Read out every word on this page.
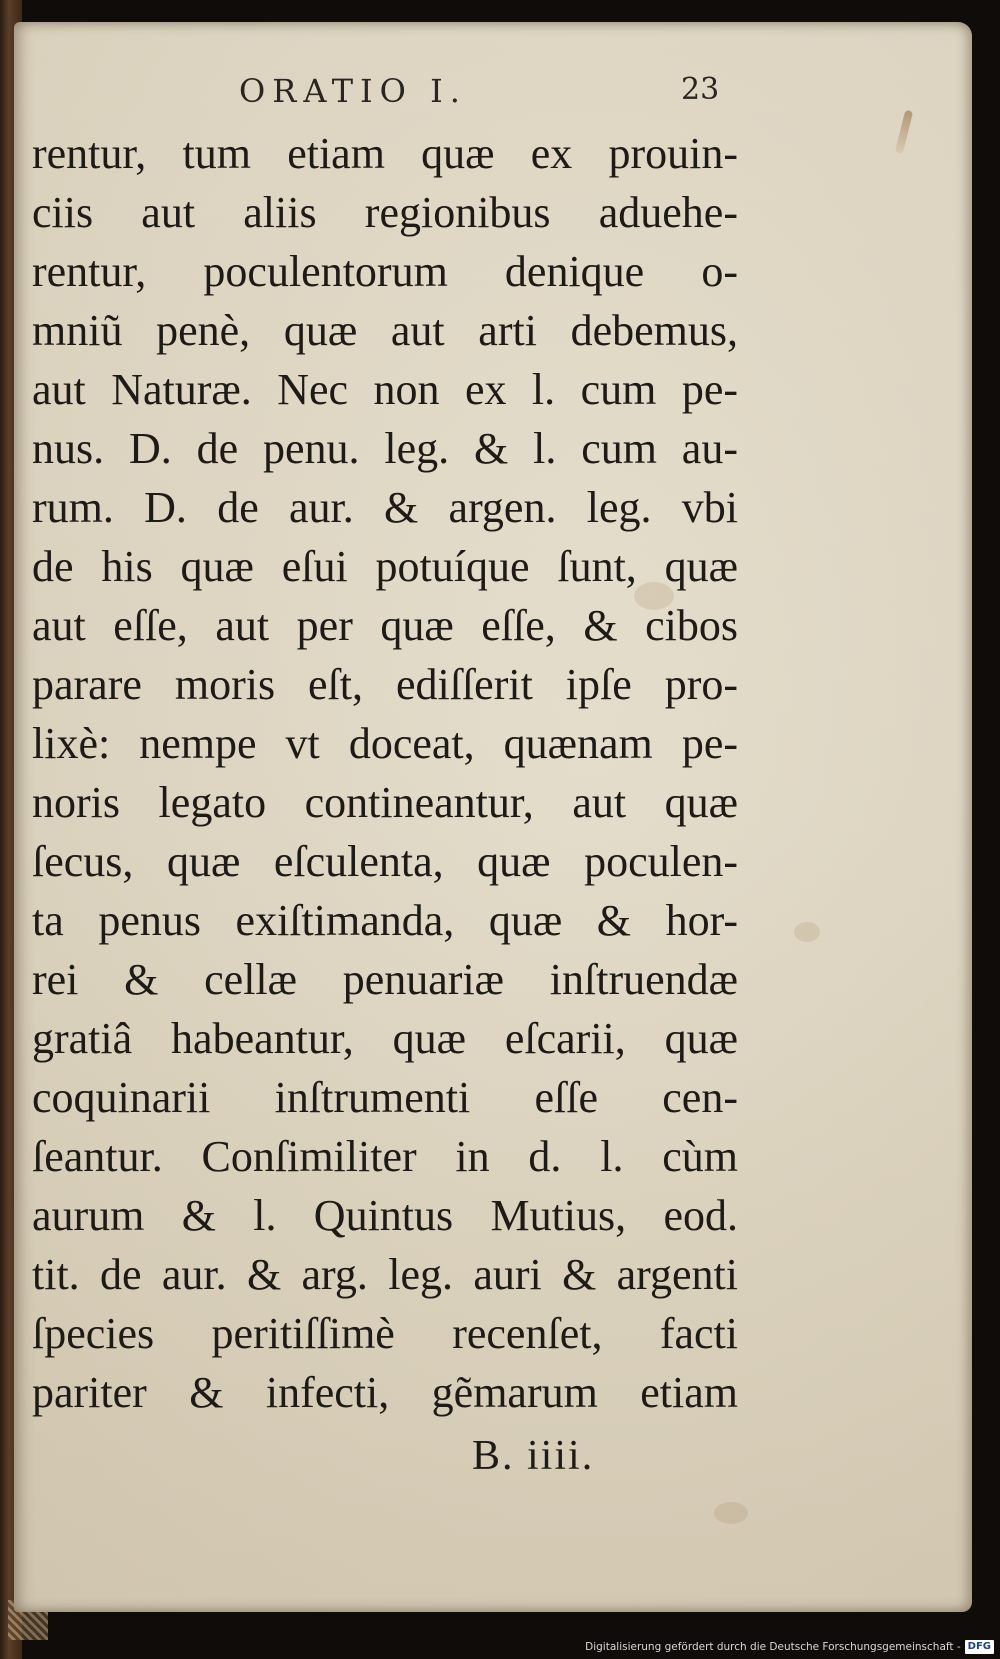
ORATIO I.	23
rentur, tum etiam quæ ex prouin-
ciis aut aliis regionibus aduehe-
rentur, poculentorum denique o-
mniũ penè, quæ aut arti debemus,
aut Naturæ. Nec non ex l. cum pe-
nus. D. de penu. leg. & l. cum au-
rum. D. de aur. & argen. leg. vbi
de his quæ eſui potuíque ſunt, quæ
aut eſſe, aut per quæ eſſe, & cibos
parare moris eſt, ediſſerit ipſe pro-
lixè: nempe vt doceat, quænam pe-
noris legato contineantur, aut quæ
ſecus, quæ eſculenta, quæ poculen-
ta penus exiſtimanda, quæ & hor-
rei & cellæ penuariæ inſtruendæ
gratiâ habeantur, quæ eſcarii, quæ
coquinarii inſtrumenti eſſe cen-
ſeantur. Conſimiliter in d. l. cùm
aurum & l. Quintus Mutius, eod.
tit. de aur. & arg. leg. auri & argenti
ſpecies peritiſſimè recenſet, facti
pariter & infecti, gẽmarum etiam
B. iiii.
Digitalisierung gefördert durch die Deutsche Forschungsgemeinschaft - DFG
